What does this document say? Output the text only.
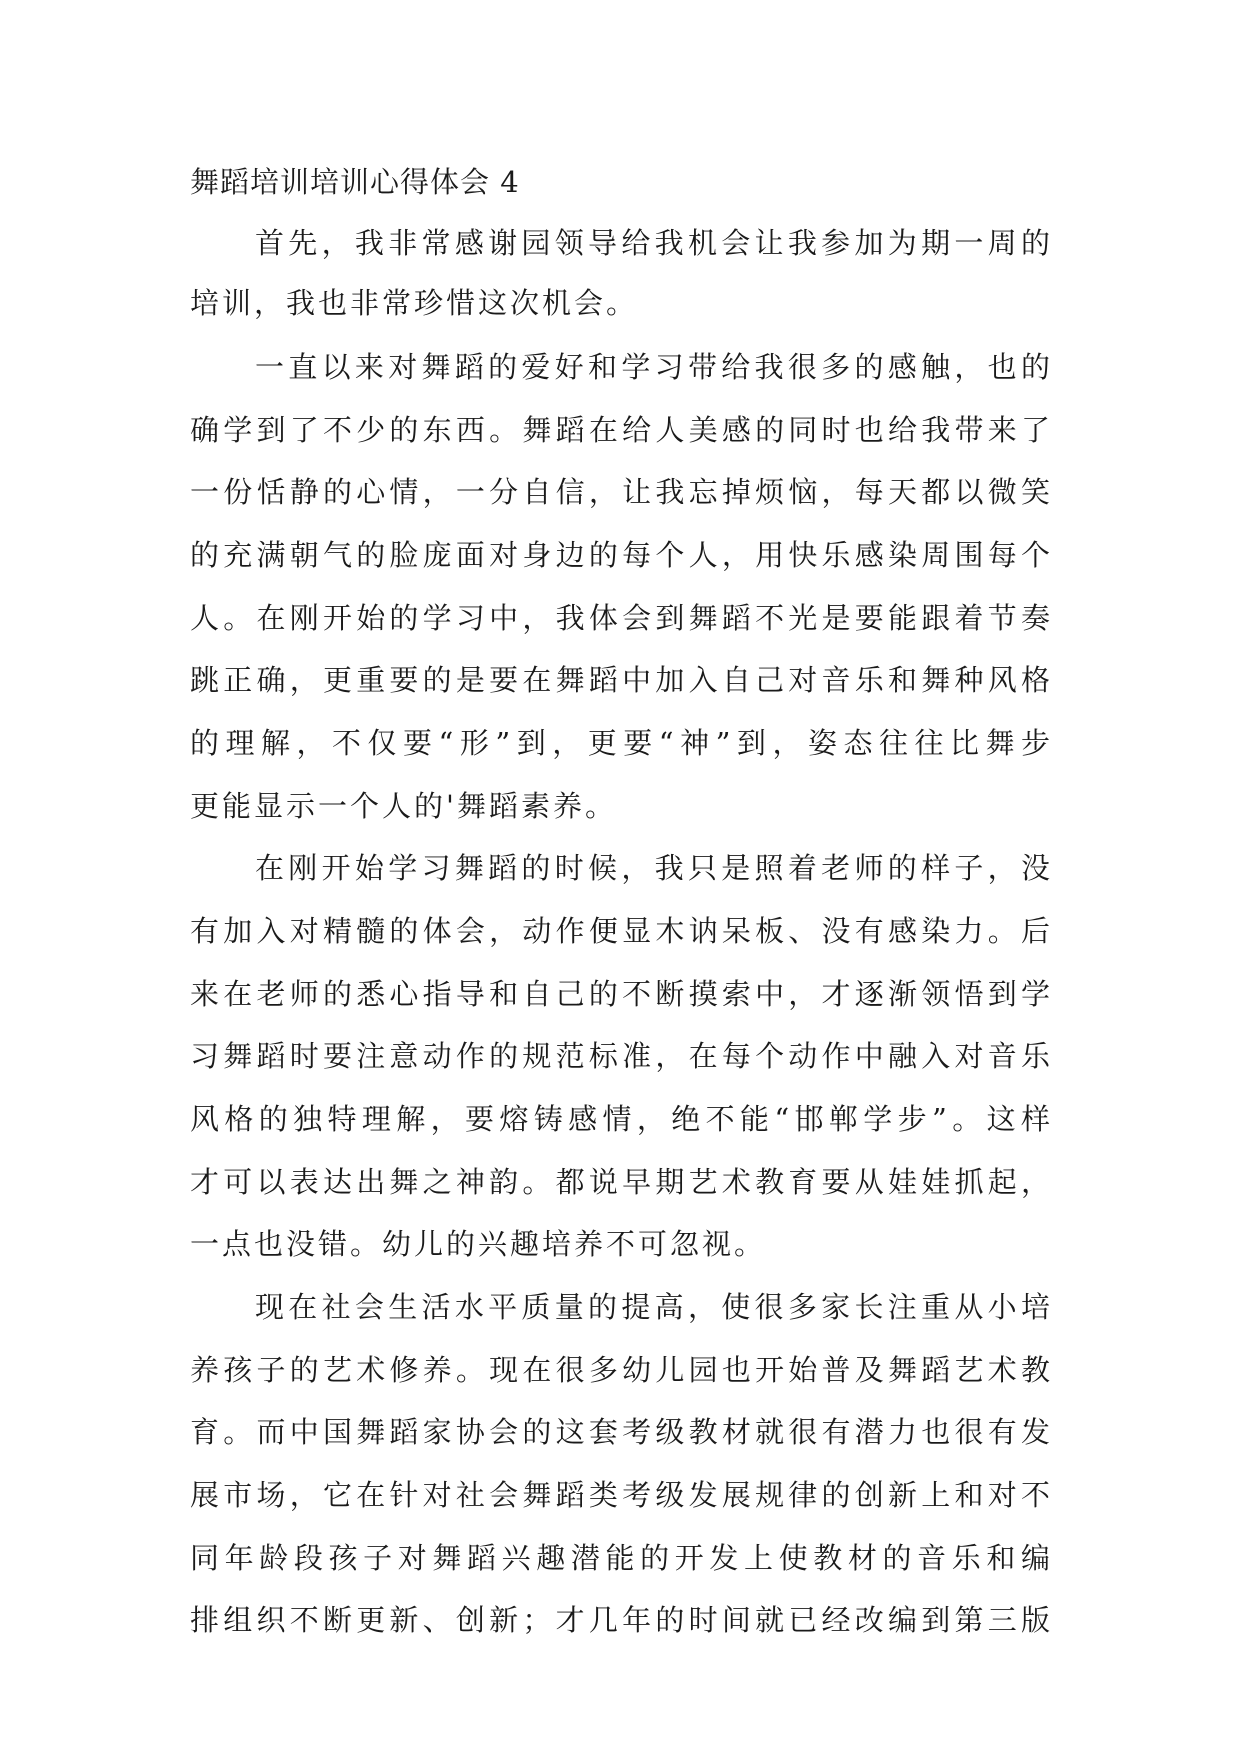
舞蹈培训培训心得体会 4

首先，我非常感谢园领导给我机会让我参加为期一周的

培训，我也非常珍惜这次机会。

一直以来对舞蹈的爱好和学习带给我很多的感触，也的

确学到了不少的东西。舞蹈在给人美感的同时也给我带来了

一份恬静的心情，一分自信，让我忘掉烦恼，每天都以微笑

的充满朝气的脸庞面对身边的每个人，用快乐感染周围每个

人。在刚开始的学习中，我体会到舞蹈不光是要能跟着节奏

跳正确，更重要的是要在舞蹈中加入自己对音乐和舞种风格

的理解，不仅要“形”到，更要“神”到，姿态往往比舞步

更能显示一个人的'舞蹈素养。

在刚开始学习舞蹈的时候，我只是照着老师的样子，没

有加入对精髓的体会，动作便显木讷呆板、没有感染力。后

来在老师的悉心指导和自己的不断摸索中，才逐渐领悟到学

习舞蹈时要注意动作的规范标准，在每个动作中融入对音乐

风格的独特理解，要熔铸感情，绝不能“邯郸学步”。这样

才可以表达出舞之神韵。都说早期艺术教育要从娃娃抓起，

一点也没错。幼儿的兴趣培养不可忽视。

现在社会生活水平质量的提高，使很多家长注重从小培

养孩子的艺术修养。现在很多幼儿园也开始普及舞蹈艺术教

育。而中国舞蹈家协会的这套考级教材就很有潜力也很有发

展市场，它在针对社会舞蹈类考级发展规律的创新上和对不

同年龄段孩子对舞蹈兴趣潜能的开发上使教材的音乐和编

排组织不断更新、创新；才几年的时间就已经改编到第三版
